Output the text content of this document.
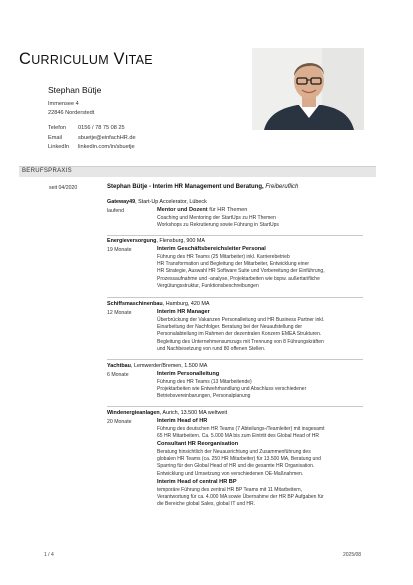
CURRICULUM VITAE
Stephan Bütje
Immensee 4
22846 Norderstedt
Telefon	0156 / 78 75 08 25
Email	sbuetje@einfachHR.de
LinkedIn	linkedin.com/in/sbuetje
BERUFSPRAXIS
seit 04/2020	Stephan Bütje - Interim HR Management und Beratung, Freiberuflich
Gateway49, Start-Up Accelerator, Lübeck
laufend	Mentor und Dozent für HR Themen
Coaching und Mentoring der StartUps zu HR Themen
Workshops zu Rekrutierung sowie Führung in StartUps
Energieversorgung, Flensburg, 900 MA
19 Monate	Interim Geschäftsbereichsleiter Personal
Führung des HR Teams (25 Mitarbeiter) inkl. Karrierebetrieb
HR Transformation und Begleitung der Mitarbeiter, Entwicklung einer
HR Strategie, Auswahl HR Software Suite und Vorbereitung der Einführung,
Prozessaufnahme und -analyse, Projektarbeiten wie bspw. außertarifliche
Vergütungsstruktur, Funktionsbeschreibungen
Schiffsmaschinenbau, Hamburg, 420 MA
12 Monate	Interim HR Manager
Überbrückung der Vakanzen Personalleitung und HR Business Partner inkl.
Einarbeitung der Nachfolger. Beratung bei der Neuaufstellung der
Personalabteilung im Rahmen der dezentralen Konzern EMEA Strukturen.
Begleitung des Unternehmensumzugs mit Trennung von 8 Führungskräften
und Nachbesetzung von rund 80 offenen Stellen.
Yachtbau, Lemwerder/Bremen, 1.500 MA
6 Monate	Interim Personalleitung
Führung des HR Teams (13 Mitarbeitende)
Projektarbeiten wie Entwehrhandlung und Abschluss verschiedener
Betriebsvereinbarungen, Personalplanung
Windenergieanlagen, Aurich, 13.500 MA weltweit
20 Monate	Interim Head of HR
Führung des deutschen HR Teams (7 Abteilungs-/Teamleiter) mit insgesamt
65 HR Mitarbeitern. Ca. 5.000 MA bis zum Eintritt des Global Head of HR
Consultant HR Reorganisation
Beratung hinsichtlich der Neuausrichtung und Zusammenführung des
globalen HR Teams (ca. 250 HR Mitarbeiter) für 13.500 MA, Beratung und
Sparring für den Global Head of HR und die gesamte HR Organisation.
Entwicklung und Umsetzung von verschiedenen OE-Maßnahmen.
Interim Head of central HR BP
temporäre Führung des zentral HR BP Teams mit 11 Mitarbeitern,
Verantwortung für ca. 4.000 MA sowie Übernahme der HR BP Aufgaben für
die Bereiche global Sales, global IT und HR.
1 / 4	2025/08
